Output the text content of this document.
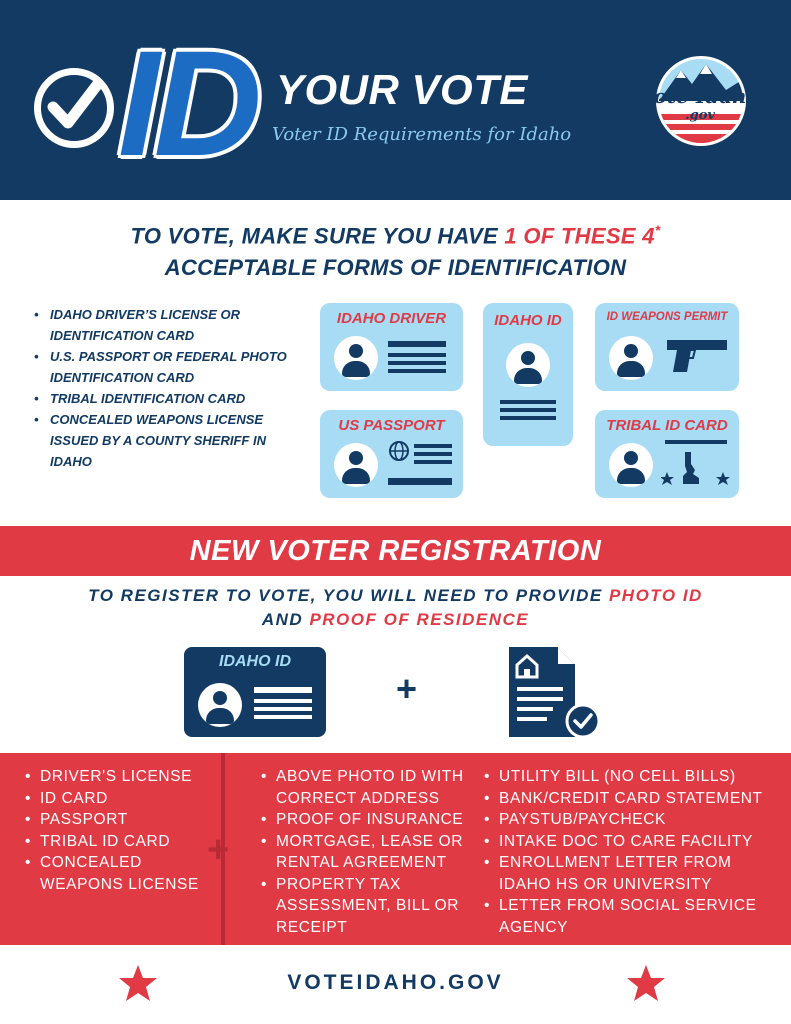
ID YOUR VOTE
Voter ID Requirements for Idaho
Vote Idaho
.gov
TO VOTE, MAKE SURE YOU HAVE 1 OF THESE 4*
ACCEPTABLE FORMS OF IDENTIFICATION
• IDAHO DRIVER’S LICENSE OR IDENTIFICATION CARD
• U.S. PASSPORT OR FEDERAL PHOTO IDENTIFICATION CARD
• TRIBAL IDENTIFICATION CARD
• CONCEALED WEAPONS LICENSE ISSUED BY A COUNTY SHERIFF IN IDAHO
IDAHO DRIVER	IDAHO ID	ID WEAPONS PERMIT
US PASSPORT	TRIBAL ID CARD
NEW VOTER REGISTRATION
TO REGISTER TO VOTE, YOU WILL NEED TO PROVIDE PHOTO ID
AND PROOF OF RESIDENCE
IDAHO ID
+
• DRIVER'S LICENSE
• ID CARD
• PASSPORT
• TRIBAL ID CARD
• CONCEALED WEAPONS LICENSE
+
• ABOVE PHOTO ID WITH CORRECT ADDRESS
• PROOF OF INSURANCE
• MORTGAGE, LEASE OR RENTAL AGREEMENT
• PROPERTY TAX ASSESSMENT, BILL OR RECEIPT
• UTILITY BILL (NO CELL BILLS)
• BANK/CREDIT CARD STATEMENT
• PAYSTUB/PAYCHECK
• INTAKE DOC TO CARE FACILITY
• ENROLLMENT LETTER FROM IDAHO HS OR UNIVERSITY
• LETTER FROM SOCIAL SERVICE AGENCY
VOTEIDAHO.GOV
